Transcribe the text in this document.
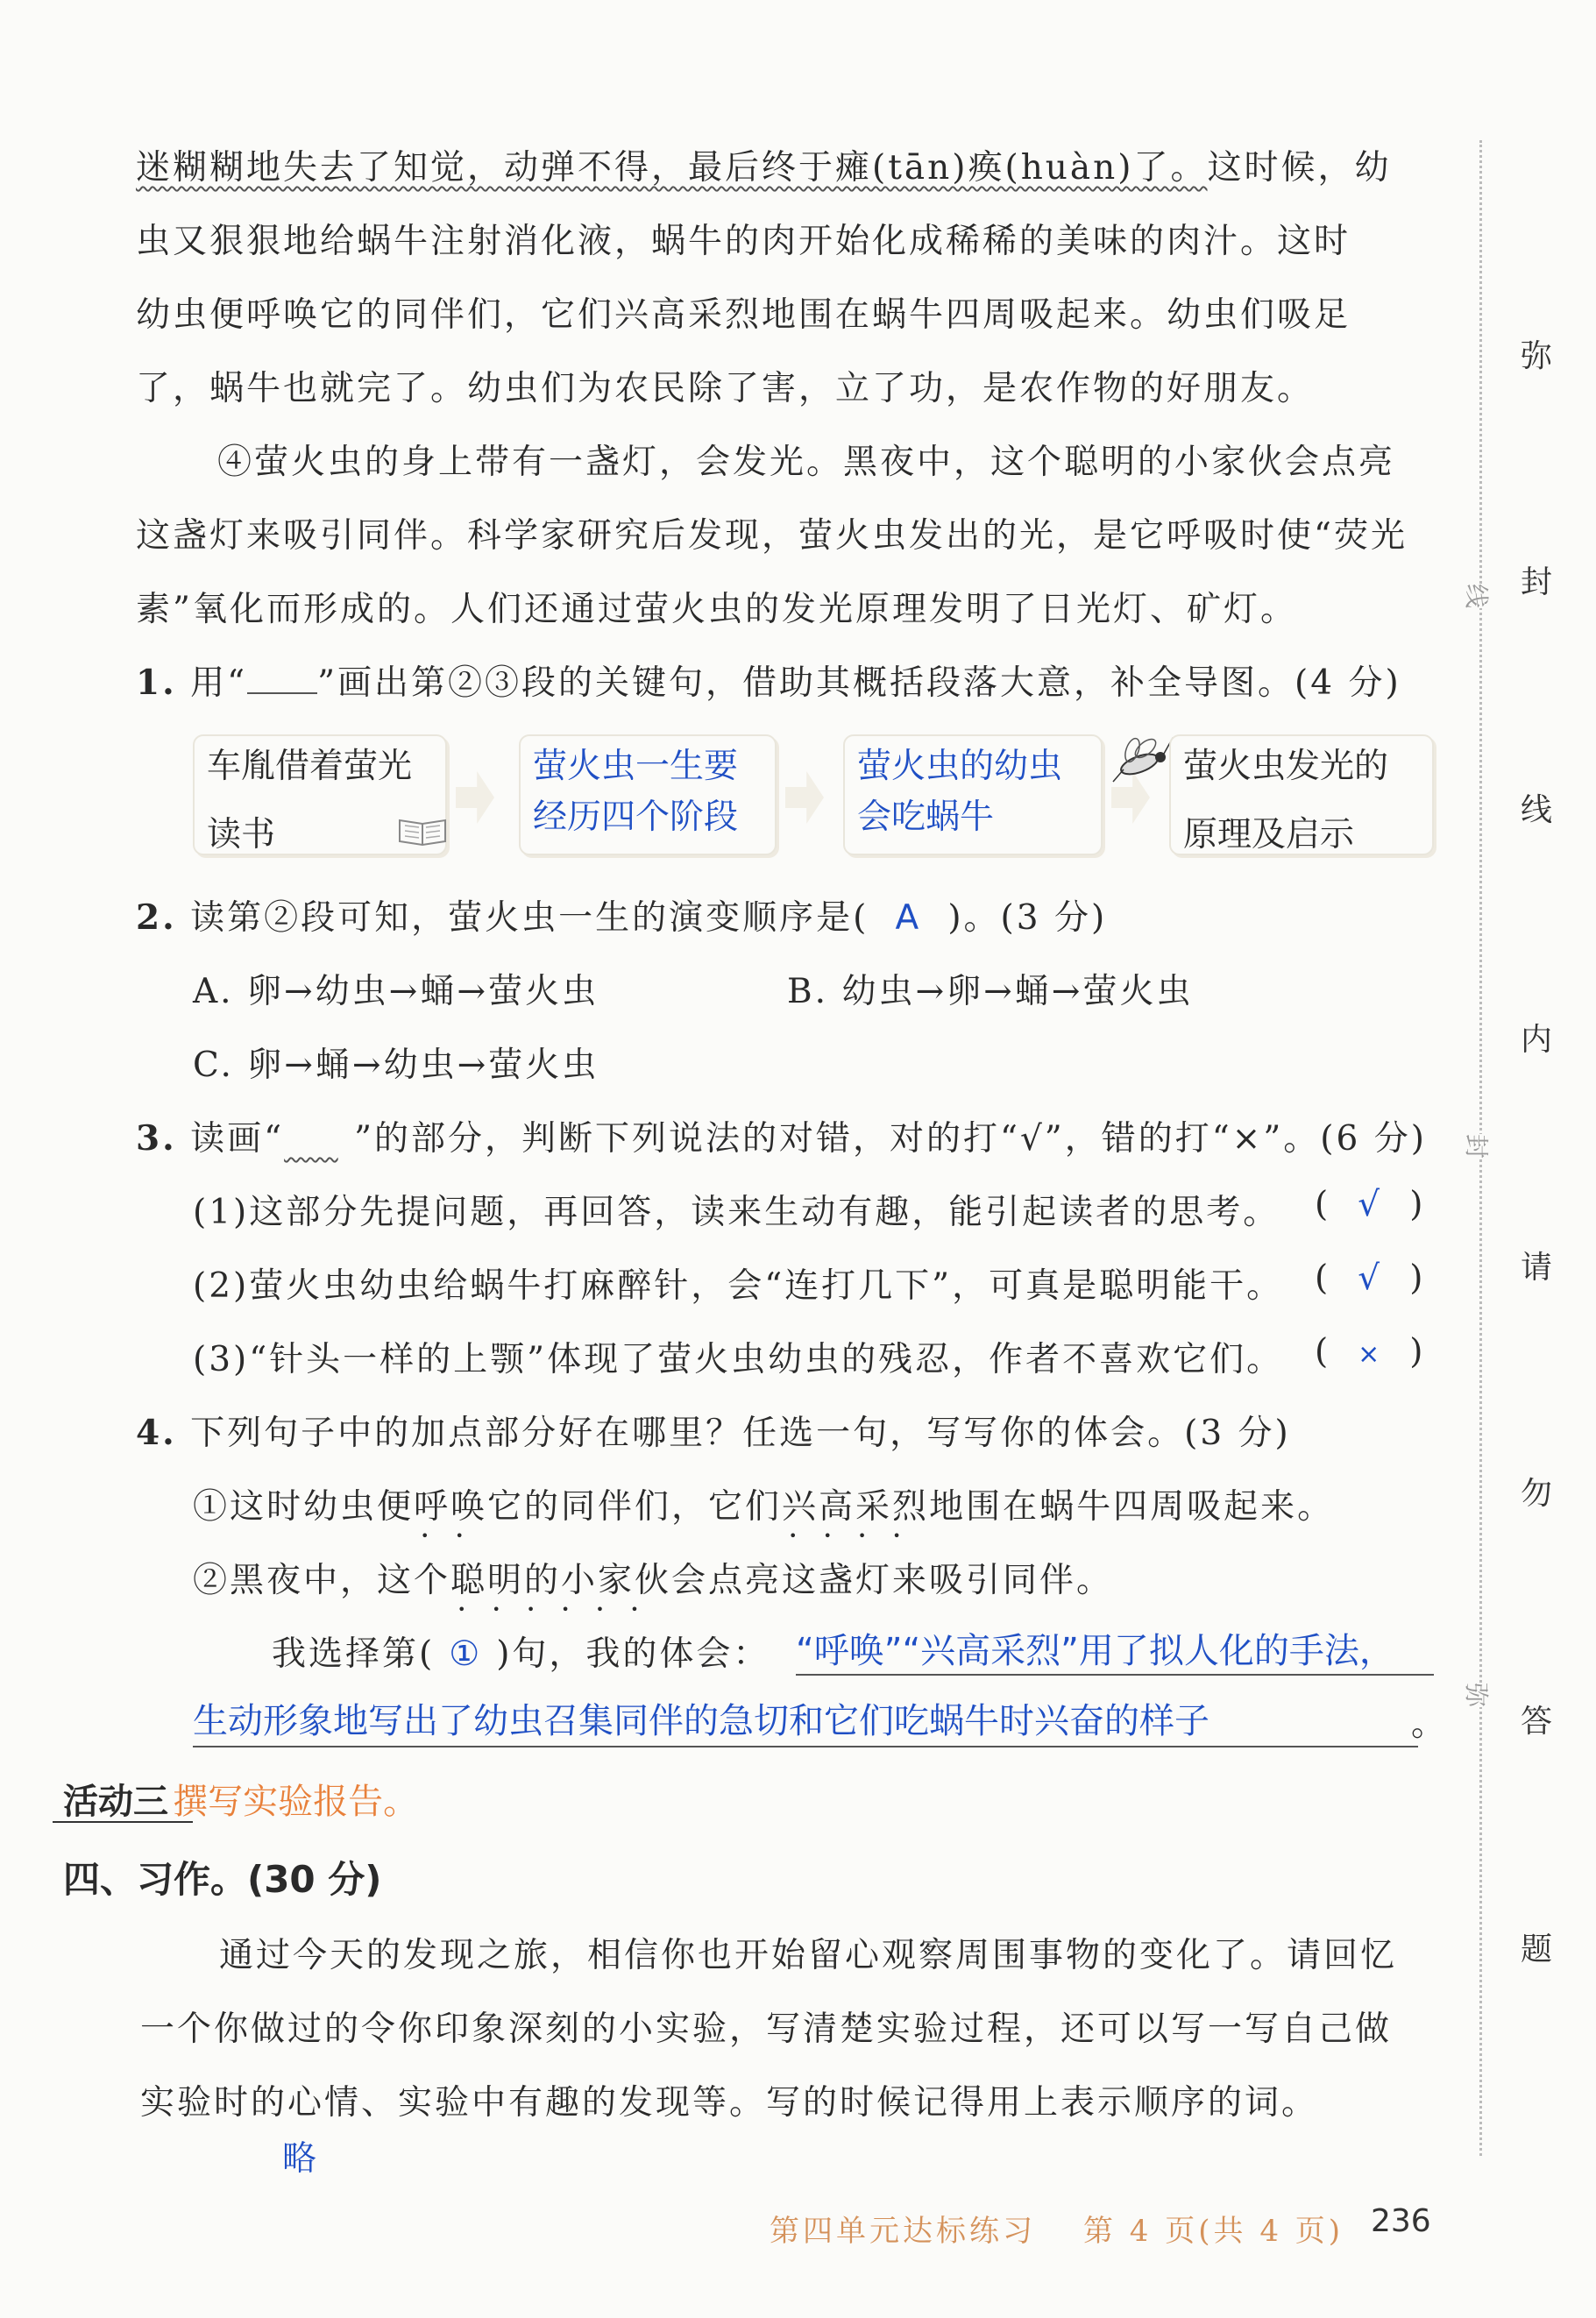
迷糊糊地失去了知觉，动弹不得，最后终于瘫(tān)痪(huàn)了。这时候，幼
虫又狠狠地给蜗牛注射消化液，蜗牛的肉开始化成稀稀的美味的肉汁。这时
幼虫便呼唤它的同伴们，它们兴高采烈地围在蜗牛四周吸起来。幼虫们吸足
了，蜗牛也就完了。幼虫们为农民除了害，立了功，是农作物的好朋友。
④萤火虫的身上带有一盏灯，会发光。黑夜中，这个聪明的小家伙会点亮
这盏灯来吸引同伴。科学家研究后发现，萤火虫发出的光，是它呼吸时使“荧光
素”氧化而形成的。人们还通过萤火虫的发光原理发明了日光灯、矿灯。
1. 用“ ”画出第②③段的关键句，借助其概括段落大意，补全导图。(4 分)
车胤借着萤光
读书
萤火虫一生要
经历四个阶段
萤火虫的幼虫
会吃蜗牛
萤火虫发光的
原理及启示
2. 读第②段可知，萤火虫一生的演变顺序是( A )。(3 分)
A. 卵→幼虫→蛹→萤火虫	B. 幼虫→卵→蛹→萤火虫
C. 卵→蛹→幼虫→萤火虫
3. 读画“ ”的部分，判断下列说法的对错，对的打“√”，错的打“×”。(6 分)
(1)这部分先提问题，再回答，读来生动有趣，能引起读者的思考。 ( √ )
(2)萤火虫幼虫给蜗牛打麻醉针，会“连打几下”，可真是聪明能干。 ( √ )
(3)“针头一样的上颚”体现了萤火虫幼虫的残忍，作者不喜欢它们。 ( × )
4. 下列句子中的加点部分好在哪里？任选一句，写写你的体会。(3 分)
①这时幼虫便呼唤
••
它的同伴们，它们兴高采烈
••••
地围在蜗牛四周吸起来。
②黑夜中，这个聪明的小家伙
••••••
会点亮这盏灯来吸引同伴。
我选择第( ① )句，我的体会： “呼唤”“兴高采烈”用了拟人化的手法，
生动形象地写出了幼虫召集同伴的急切和它们吃蜗牛时兴奋的样子	。
活动三 撰写实验报告。
四、习作。(30 分)
通过今天的发现之旅，相信你也开始留心观察周围事物的变化了。请回忆
一个你做过的令你印象深刻的小实验，写清楚实验过程，还可以写一写自己做
实验时的心情、实验中有趣的发现等。写的时候记得用上表示顺序的词。
略
线
封
弥
弥
封
线
内
请
勿
答
题
第四单元达标练习 第 4 页(共 4 页) 236
